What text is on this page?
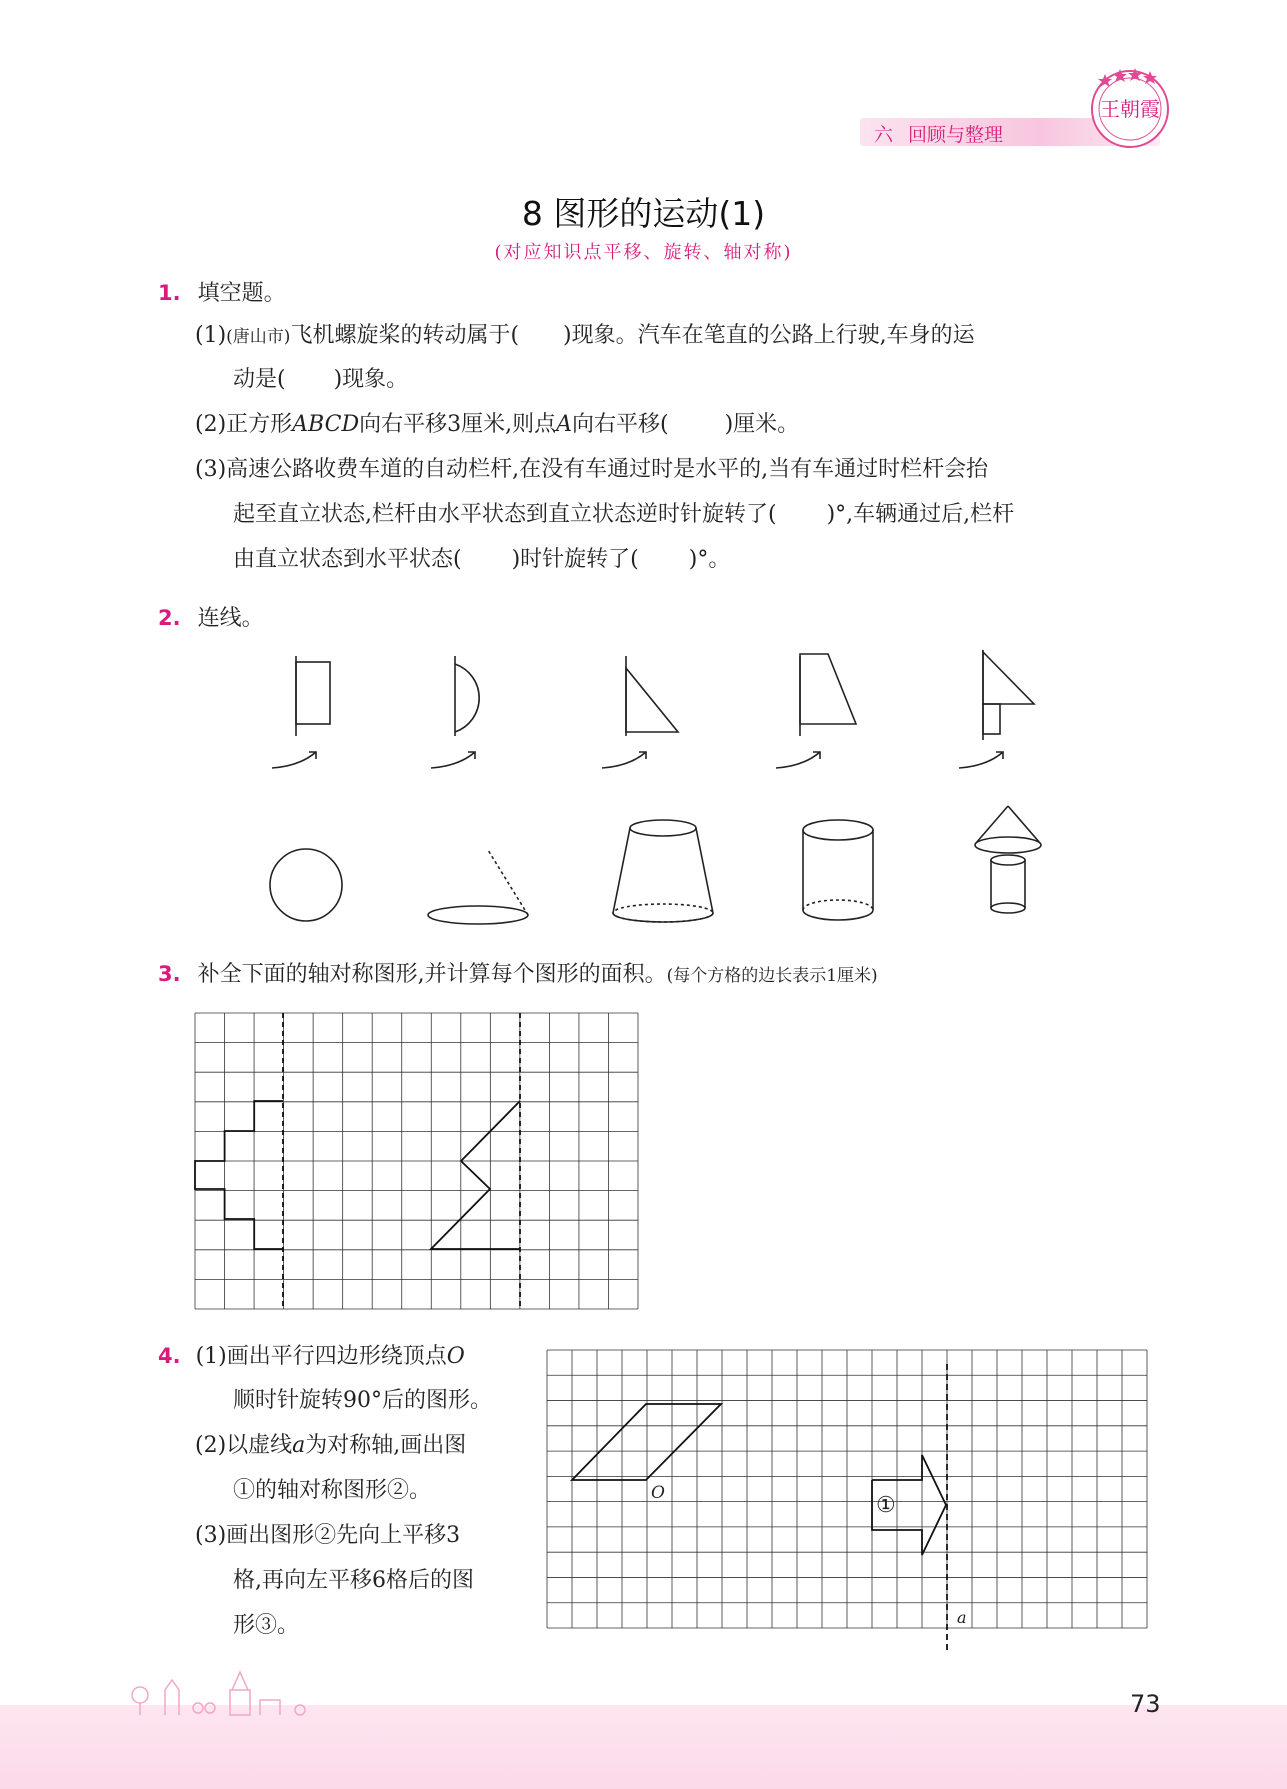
六 回顾与整理
王朝霞
8 图形的运动(1)
(对应知识点平移、旋转、轴对称)
1. 填空题。
(1)(唐山市)飞机螺旋桨的转动属于( )现象。汽车在笔直的公路上行驶,车身的运
动是( )现象。
(2)正方形ABCD向右平移3厘米,则点A向右平移(	)厘米。
(3)高速公路收费车道的自动栏杆,在没有车通过时是水平的,当有车通过时栏杆会抬
起至直立状态,栏杆由水平状态到直立状态逆时针旋转了( )°,车辆通过后,栏杆
由直立状态到水平状态( )时针旋转了( )°。
2. 连线。
3. 补全下面的轴对称图形,并计算每个图形的面积。(每个方格的边长表示1厘米)
4. (1)画出平行四边形绕顶点O
顺时针旋转90°后的图形。
(2)以虚线a为对称轴,画出图
①的轴对称图形②。
(3)画出图形②先向上平移3
格,再向左平移6格后的图
形③。
O	①
a
73
